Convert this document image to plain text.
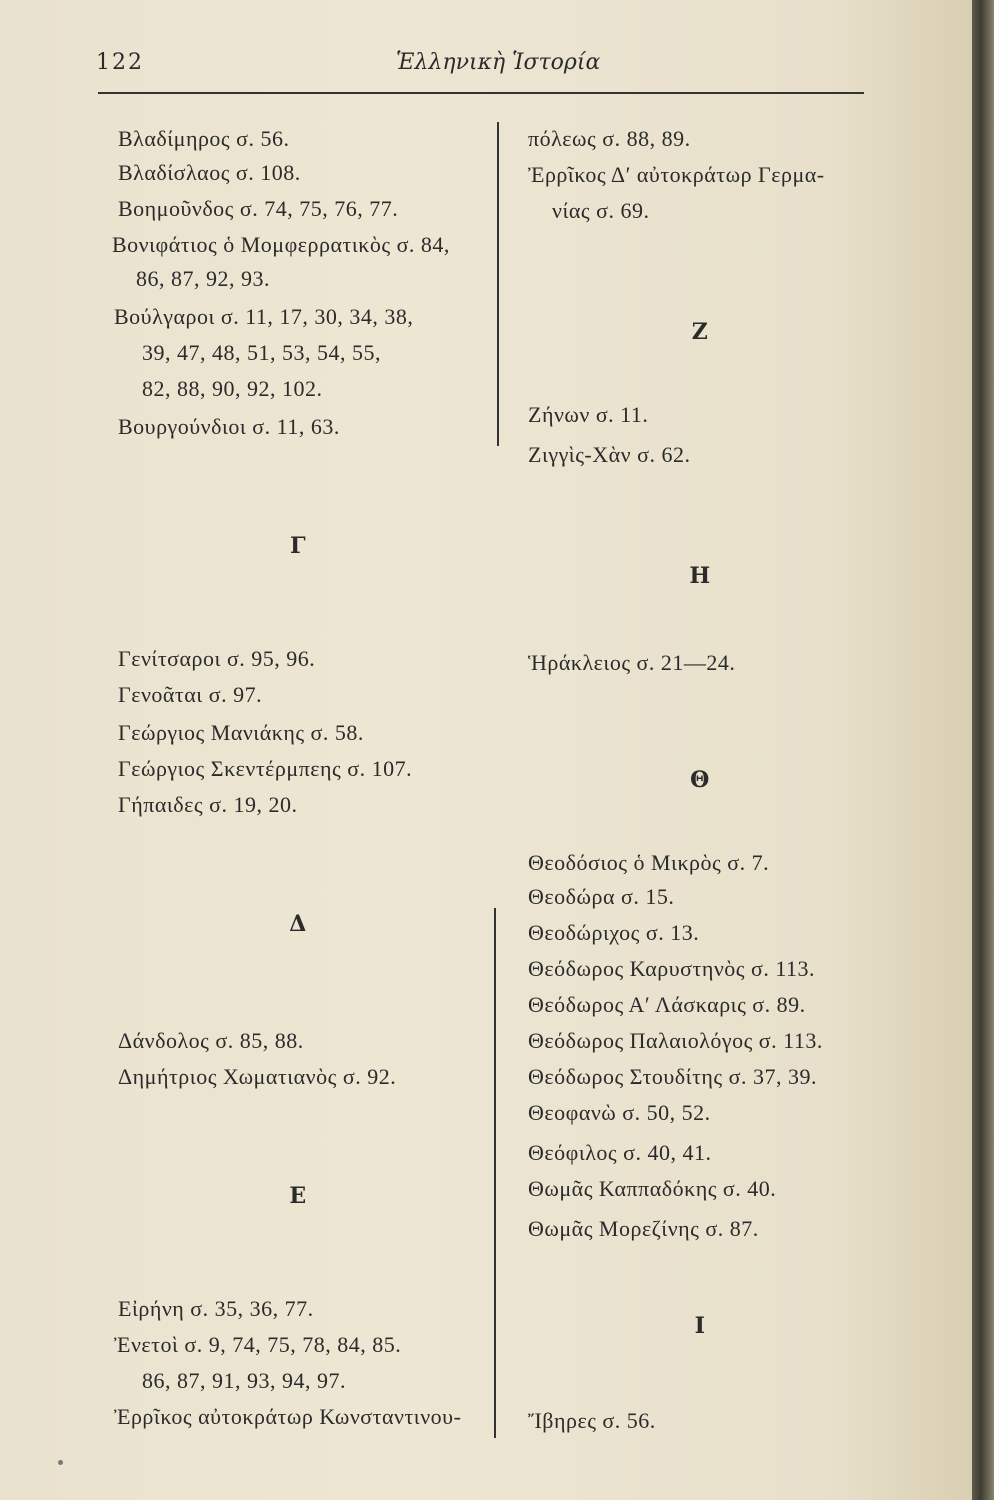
122	Ἑλληνικὴ Ἱστορία
Βλαδίμηρος σ. 56.
Βλαδίσλαος σ. 108.
Βοημοῦνδος σ. 74, 75, 76, 77.
Βονιφάτιος ὁ Μομφερρατικὸς σ. 84,
86, 87, 92, 93.
Βούλγαροι σ. 11, 17, 30, 34, 38,
39, 47, 48, 51, 53, 54, 55,
82, 88, 90, 92, 102.
Βουργούνδιοι σ. 11, 63.
Γ
Γενίτσαροι σ. 95, 96.
Γενοᾶται σ. 97.
Γεώργιος Μανιάκης σ. 58.
Γεώργιος Σκεντέρμπεης σ. 107.
Γήπαιδες σ. 19, 20.
Δ
Δάνδολος σ. 85, 88.
Δημήτριος Χωματιανὸς σ. 92.
Ε
Εἰρήνη σ. 35, 36, 77.
Ἐνετοὶ σ. 9, 74, 75, 78, 84, 85.
86, 87, 91, 93, 94, 97.
Ἐρρῖκος αὐτοκράτωρ Κωνσταντινου-
πόλεως σ. 88, 89.
Ἐρρῖκος Δ′ αὐτοκράτωρ Γερμα-
νίας σ. 69.
Ζ
Ζήνων σ. 11.
Ζιγγὶς-Χὰν σ. 62.
Η
Ἡράκλειος σ. 21—24.
Θ
Θεοδόσιος ὁ Μικρὸς σ. 7.
Θεοδώρα σ. 15.
Θεοδώριχος σ. 13.
Θεόδωρος Καρυστηνὸς σ. 113.
Θεόδωρος Α′ Λάσκαρις σ. 89.
Θεόδωρος Παλαιολόγος σ. 113.
Θεόδωρος Στουδίτης σ. 37, 39.
Θεοφανὼ σ. 50, 52.
Θεόφιλος σ. 40, 41.
Θωμᾶς Καππαδόκης σ. 40.
Θωμᾶς Μορεζίνης σ. 87.
Ι
Ἴβηρες σ. 56.
